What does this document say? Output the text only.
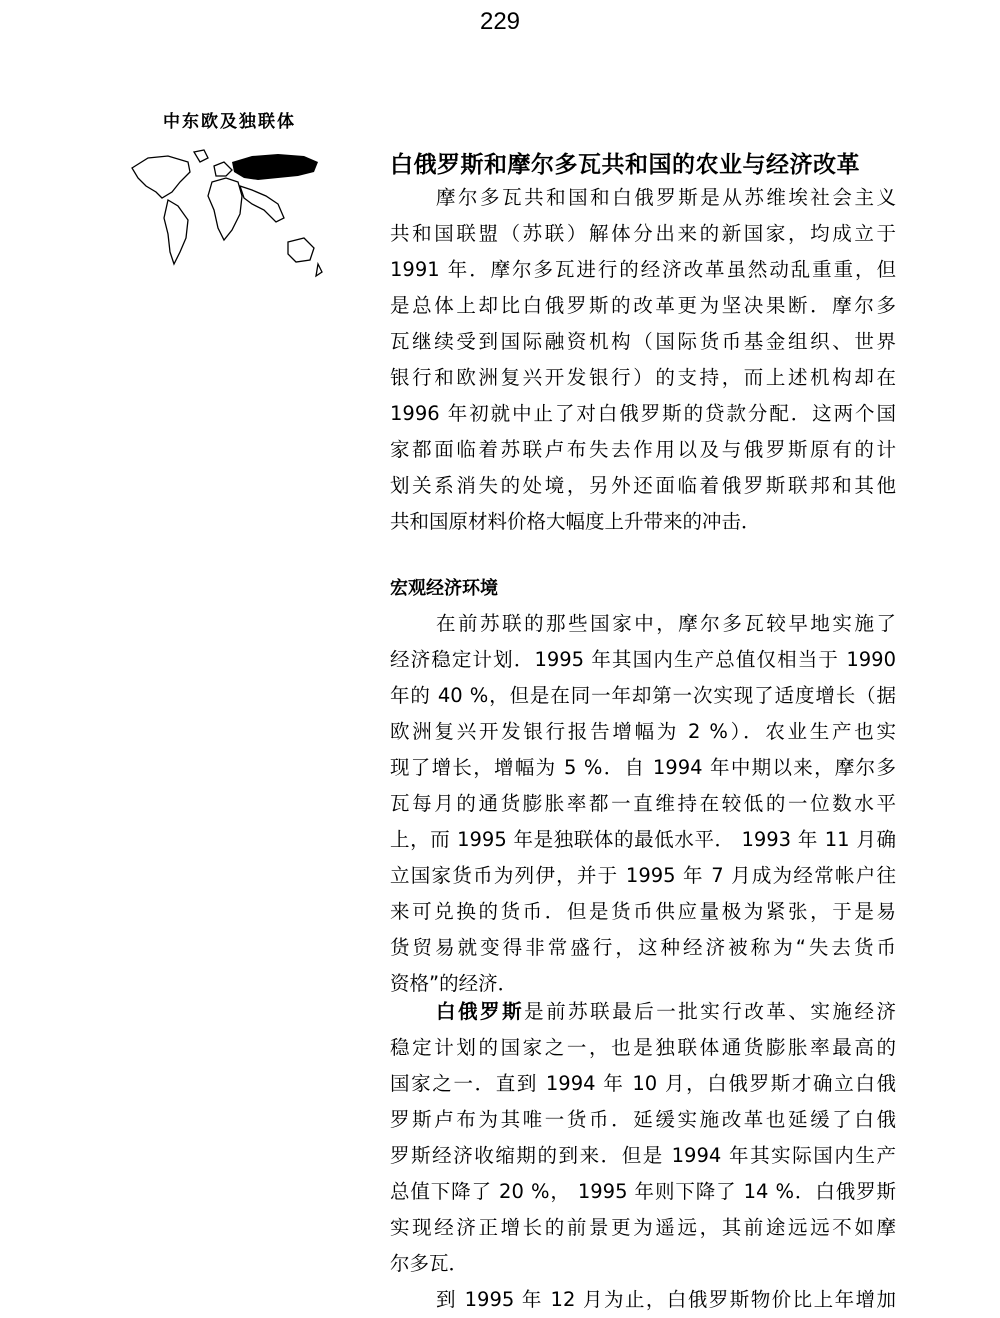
229
中东欧及独联体
白俄罗斯和摩尔多瓦共和国的农业与经济改革
摩尔多瓦共和国和白俄罗斯是从苏维埃社会主义
共和国联盟（苏联）解体分出来的新国家，均成立于
1991 年．摩尔多瓦进行的经济改革虽然动乱重重，但
是总体上却比白俄罗斯的改革更为坚决果断．摩尔多
瓦继续受到国际融资机构（国际货币基金组织、世界
银行和欧洲复兴开发银行）的支持，而上述机构却在
1996 年初就中止了对白俄罗斯的贷款分配．这两个国
家都面临着苏联卢布失去作用以及与俄罗斯原有的计
划关系消失的处境，另外还面临着俄罗斯联邦和其他
共和国原材料价格大幅度上升带来的冲击．
宏观经济环境
在前苏联的那些国家中，摩尔多瓦较早地实施了
经济稳定计划．1995 年其国内生产总值仅相当于 1990
年的 40 %，但是在同一年却第一次实现了适度增长（据
欧洲复兴开发银行报告增幅为 2 %）．农业生产也实
现了增长，增幅为 5 %．自 1994 年中期以来，摩尔多
瓦每月的通货膨胀率都一直维持在较低的一位数水平
上，而 1995 年是独联体的最低水平． 1993 年 11 月确
立国家货币为列伊，并于 1995 年 7 月成为经常帐户往
来可兑换的货币．但是货币供应量极为紧张，于是易
货贸易就变得非常盛行，这种经济被称为“失去货币
资格”的经济．
白俄罗斯是前苏联最后一批实行改革、实施经济
稳定计划的国家之一，也是独联体通货膨胀率最高的
国家之一．直到 1994 年 10 月，白俄罗斯才确立白俄
罗斯卢布为其唯一货币．延缓实施改革也延缓了白俄
罗斯经济收缩期的到来．但是 1994 年其实际国内生产
总值下降了 20 %， 1995 年则下降了 14 %．白俄罗斯
实现经济正增长的前景更为遥远，其前途远远不如摩
尔多瓦．
到 1995 年 12 月为止，白俄罗斯物价比上年增加
